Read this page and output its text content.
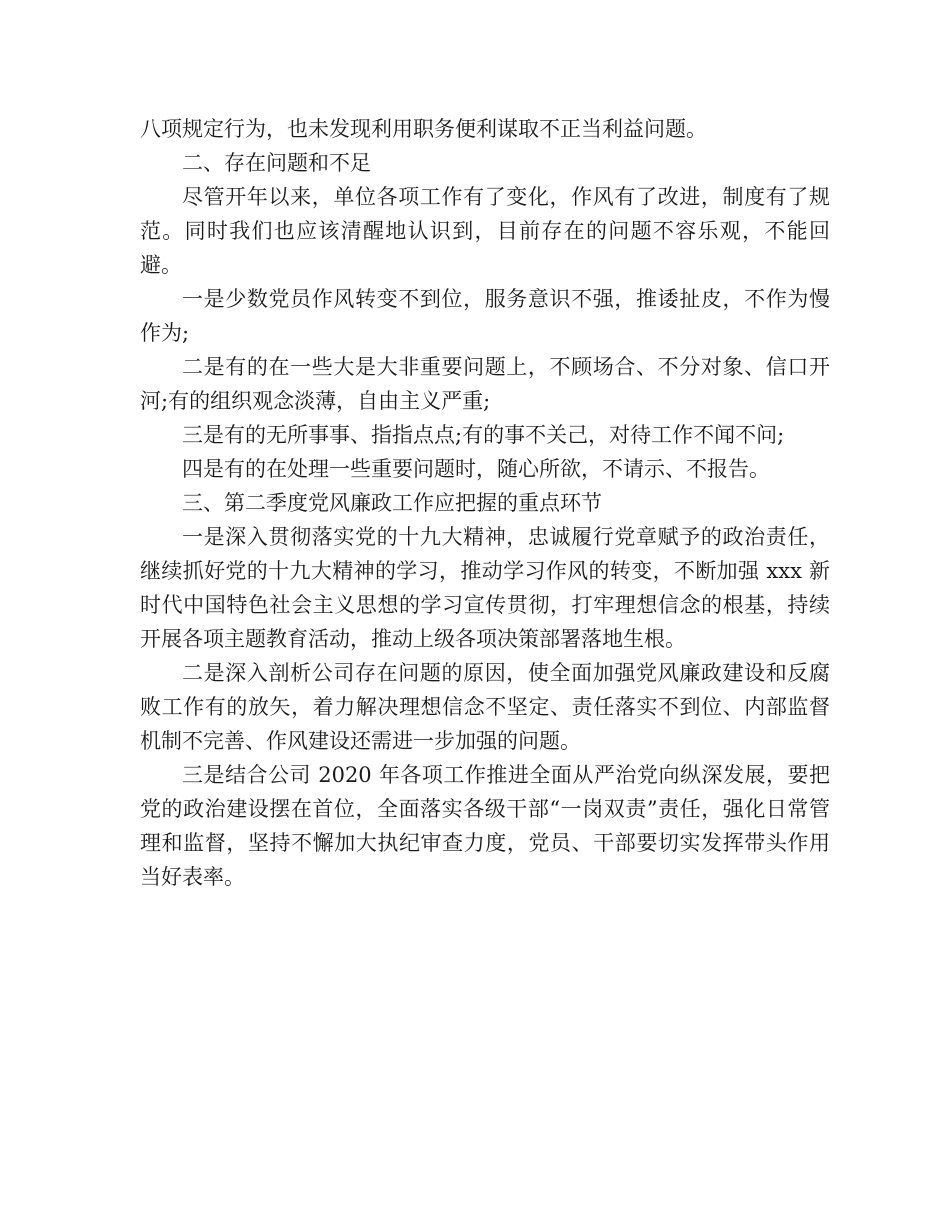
八项规定行为，也未发现利用职务便利谋取不正当利益问题。

二、存在问题和不足

尽管开年以来，单位各项工作有了变化，作风有了改进，制度有了规范。同时我们也应该清醒地认识到，目前存在的问题不容乐观，不能回避。

一是少数党员作风转变不到位，服务意识不强，推诿扯皮，不作为慢作为;

二是有的在一些大是大非重要问题上，不顾场合、不分对象、信口开河;有的组织观念淡薄，自由主义严重;

三是有的无所事事、指指点点;有的事不关己，对待工作不闻不问;

四是有的在处理一些重要问题时，随心所欲，不请示、不报告。

三、第二季度党风廉政工作应把握的重点环节

一是深入贯彻落实党的十九大精神，忠诚履行党章赋予的政治责任，继续抓好党的十九大精神的学习，推动学习作风的转变，不断加强 xxx 新时代中国特色社会主义思想的学习宣传贯彻，打牢理想信念的根基，持续开展各项主题教育活动，推动上级各项决策部署落地生根。

二是深入剖析公司存在问题的原因，使全面加强党风廉政建设和反腐败工作有的放矢，着力解决理想信念不坚定、责任落实不到位、内部监督机制不完善、作风建设还需进一步加强的问题。

三是结合公司 2020 年各项工作推进全面从严治党向纵深发展，要把党的政治建设摆在首位，全面落实各级干部“一岗双责”责任，强化日常管理和监督，坚持不懈加大执纪审查力度，党员、干部要切实发挥带头作用当好表率。
